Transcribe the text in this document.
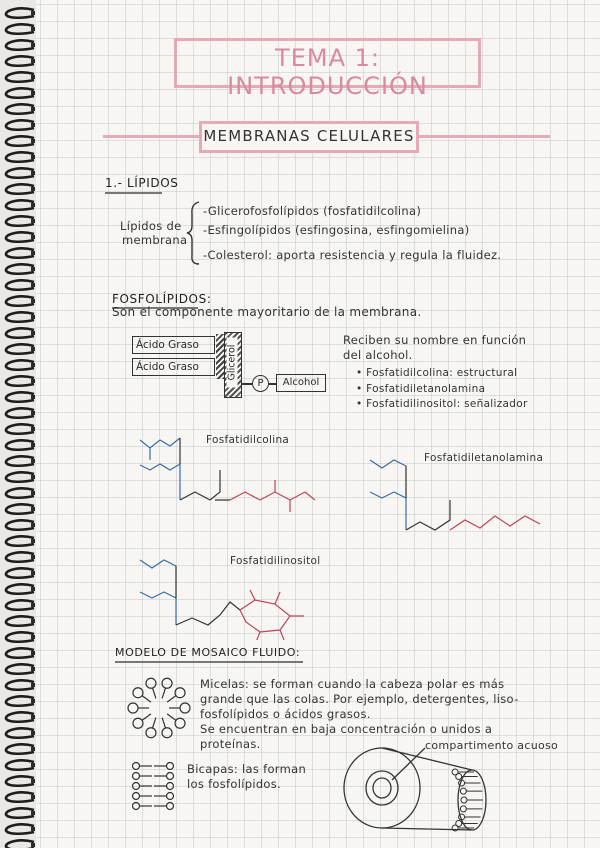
TEMA 1: INTRODUCCIÓN
MEMBRANAS CELULARES
1.- LÍPIDOS
Lípidos de
membrana
-Glicerofosfolípidos (fosfatidilcolina)
-Esfingolípidos (esfingosina, esfingomielina)
-Colesterol: aporta resistencia y regula la fluidez.
FOSFOLÍPIDOS:
Son el componente mayoritario de la membrana.
Ácido Graso
Ácido Graso	Glicerol
P	Alcohol
Reciben su nombre en función
del alcohol.
• Fosfatidilcolina: estructural
• Fosfatidiletanolamina
• Fosfatidilinositol: señalizador
Fosfatidilcolina
Fosfatidiletanolamina
Fosfatidilinositol
MODELO DE MOSAICO FLUIDO:
Micelas: se forman cuando la cabeza polar es más
grande que las colas. Por ejemplo, detergentes, liso-
fosfolípidos o ácidos grasos.
Se encuentran en baja concentración o unidos a
proteínas.
Bicapas: las forman
los fosfolípidos.
compartimento acuoso
